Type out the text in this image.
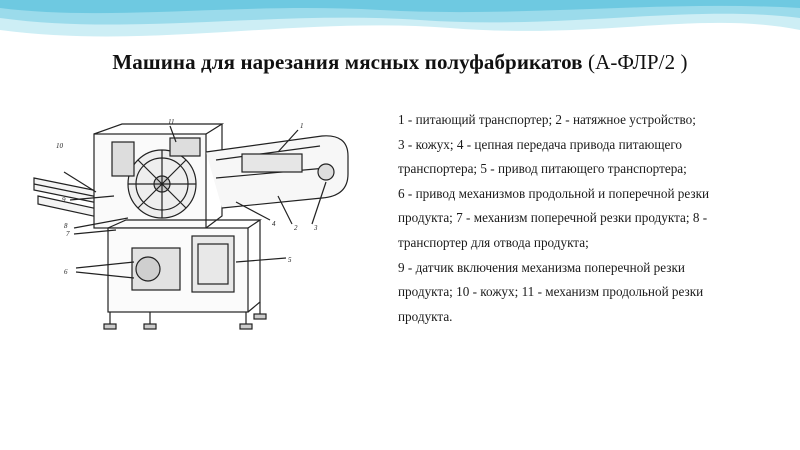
Машина для нарезания мясных полуфабрикатов (А-ФЛР/2 )
10
11	1
9
7
8	4	2 3
5
6

1 - питающий транспортер; 2 - натяжное устройство;

3 - кожух; 4 - цепная передача привода питающего

транспортера; 5 - привод питающего транспортера;

6 - привод механизмов продольной и поперечной резки

продукта; 7 - механизм поперечной резки продукта; 8 -

транспортер для отвода продукта;

9 - датчик включения механизма поперечной резки

продукта; 10 - кожух; 11 - механизм продольной резки

продукта.
